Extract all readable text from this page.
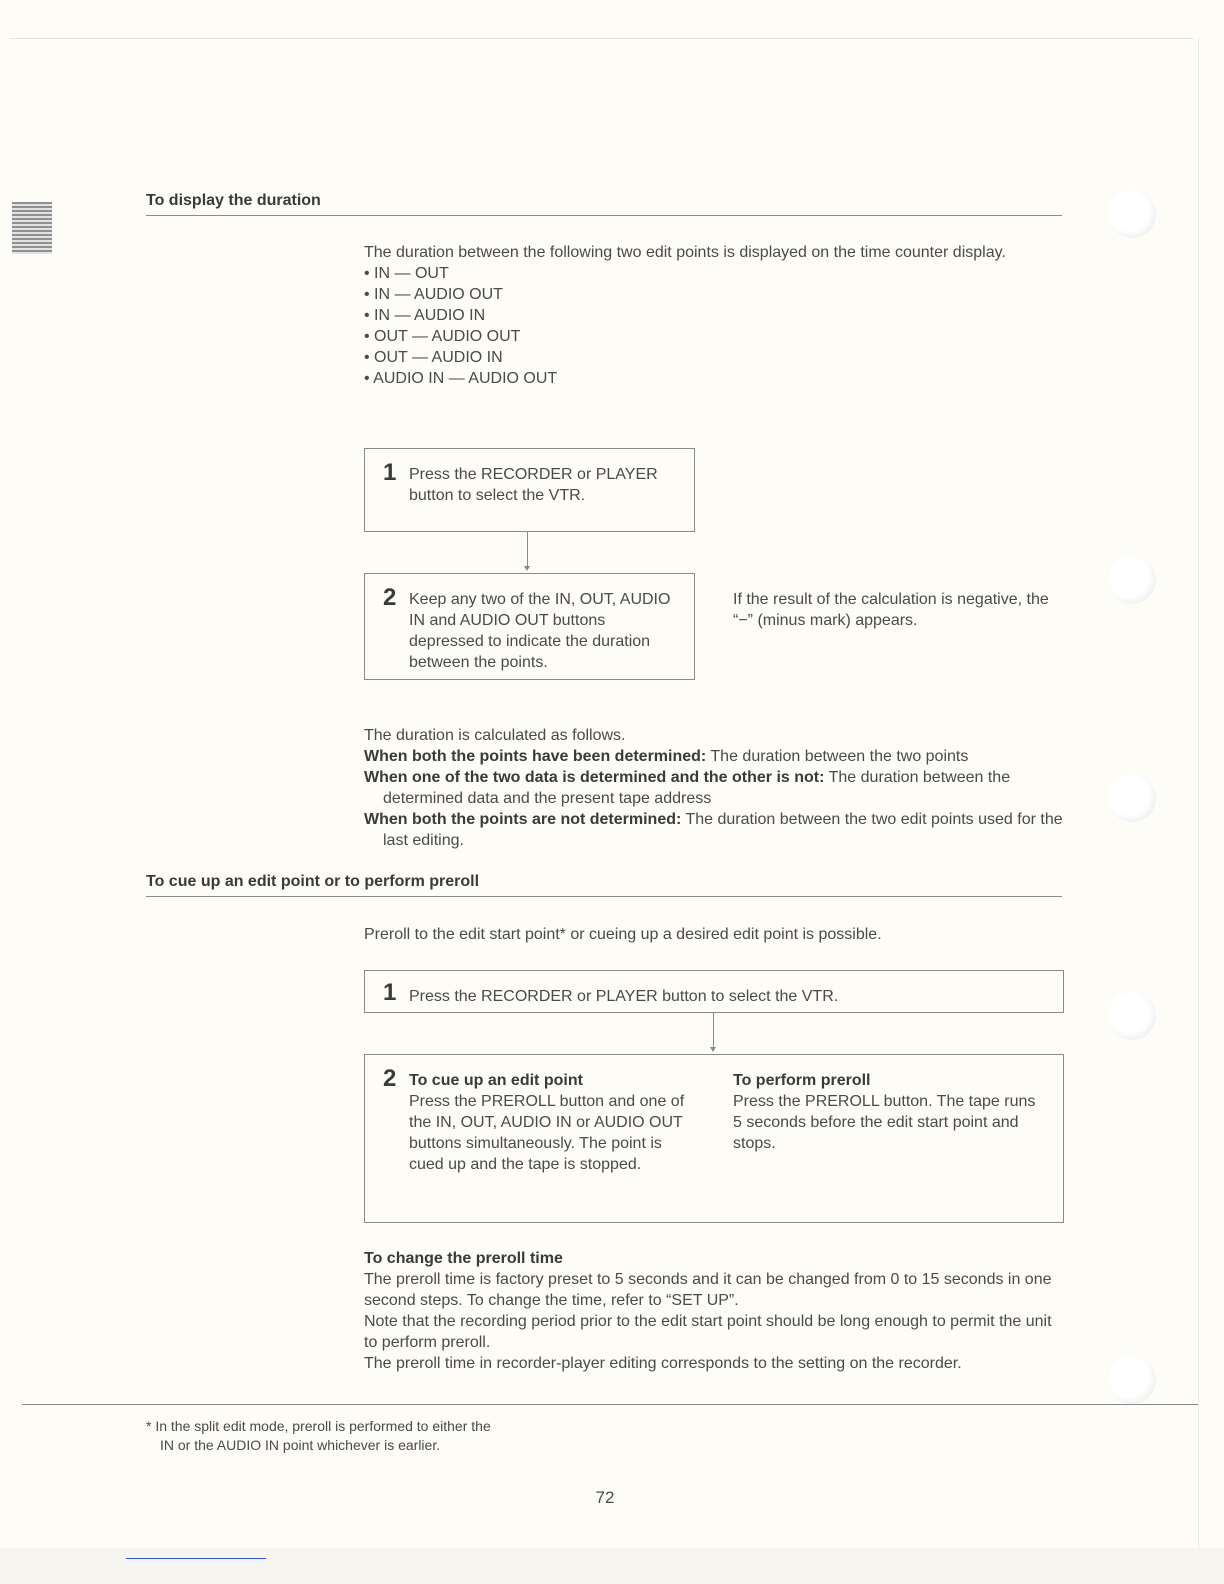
To display the duration

The duration between the following two edit points is displayed on the time counter display.

• IN — OUT
• IN — AUDIO OUT
• IN — AUDIO IN
• OUT — AUDIO OUT
• OUT — AUDIO IN
• AUDIO IN — AUDIO OUT
1 Press the RECORDER or PLAYER button to select the VTR.
2 Keep any two of the IN, OUT, AUDIO IN and AUDIO OUT buttons depressed to indicate the duration between the points.
If the result of the calculation is negative, the “−” (minus mark) appears.

The duration is calculated as follows.

When both the points have been determined: The duration between the two points

When one of the two data is determined and the other is not: The duration between the determined data and the present tape address

When both the points are not determined: The duration between the two edit points used for the last editing.

To cue up an edit point or to perform preroll
Preroll to the edit start point* or cueing up a desired edit point is possible.
1 Press the RECORDER or PLAYER button to select the VTR.
2 To cue up an edit point
Press the PREROLL button and one of the IN, OUT, AUDIO IN or AUDIO OUT buttons simultaneously. The point is cued up and the tape is stopped.
To perform preroll
Press the PREROLL button. The tape runs 5 seconds before the edit start point and stops.

To change the preroll time

The preroll time is factory preset to 5 seconds and it can be changed from 0 to 15 seconds in one second steps. To change the time, refer to “SET UP”.

Note that the recording period prior to the edit start point should be long enough to permit the unit to perform preroll.

The preroll time in recorder-player editing corresponds to the setting on the recorder.

* In the split edit mode, preroll is performed to either the
IN or the AUDIO IN point whichever is earlier.
72
